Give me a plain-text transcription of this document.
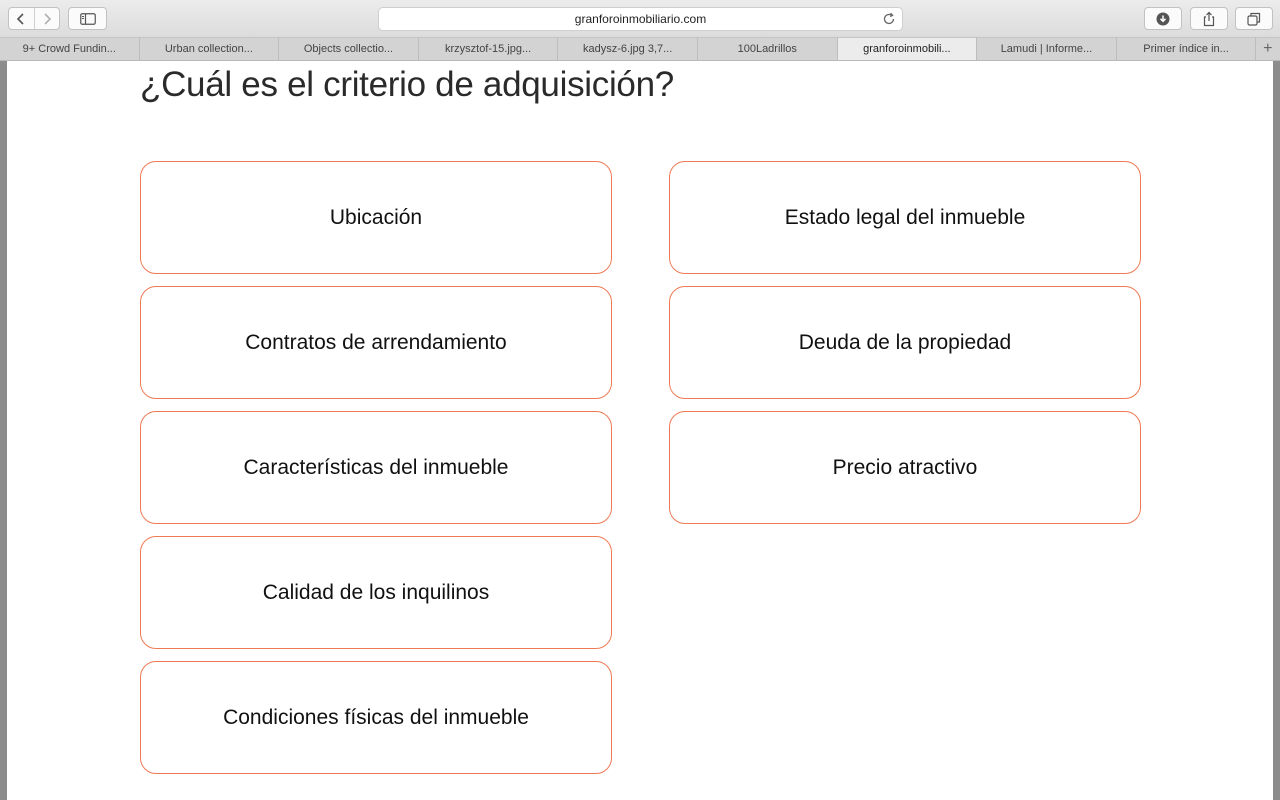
granforoinmobiliario.com
9+ Crowd Fundin...	Urban collection...	Objects collectio...	krzysztof-15.jpg...	kadysz-6.jpg 3,7...	100Ladrillos	granforoinmobili...	Lamudi | Informe...	Primer índice in...	+
¿Cuál es el criterio de adquisición?
Ubicación
Contratos de arrendamiento
Características del inmueble
Calidad de los inquilinos
Condiciones físicas del inmueble
Estado legal del inmueble
Deuda de la propiedad
Precio atractivo
